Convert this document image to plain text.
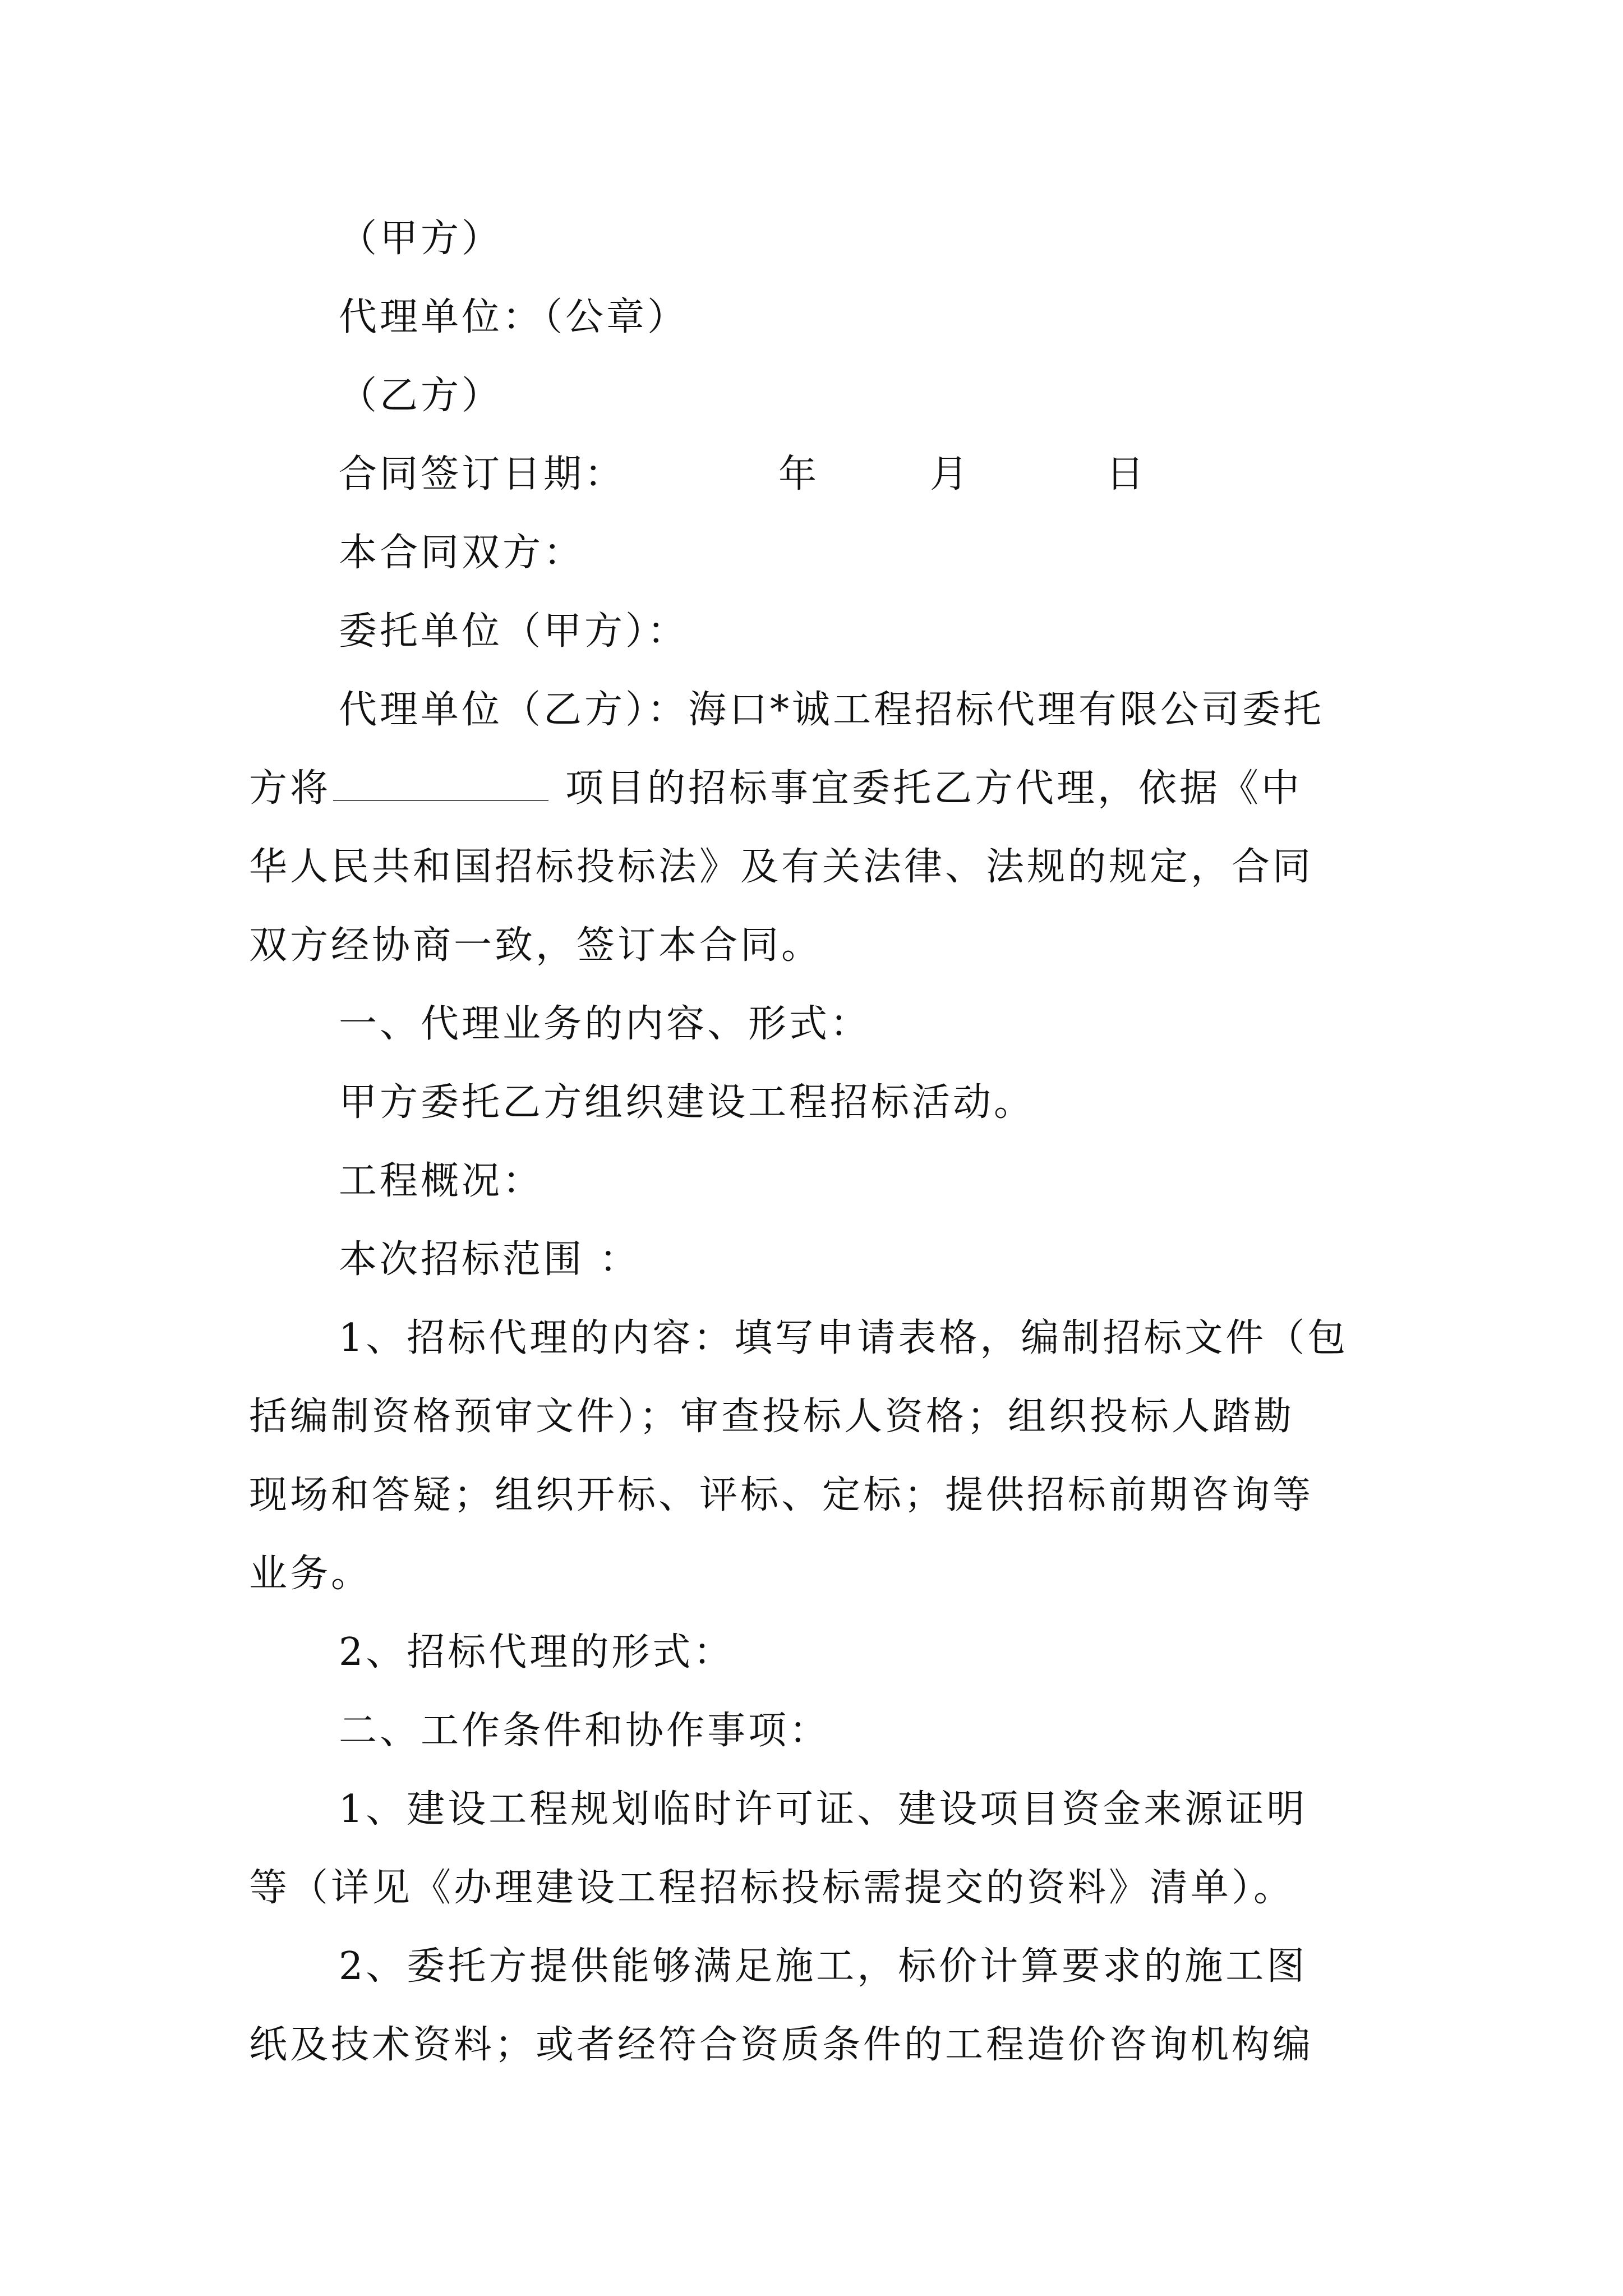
（甲方）
代理单位：（公章）
（乙方）

合同签订日期：

	年

	月

	日

本合同双方：
委托单位（甲方）：
代理单位（乙方）：海口*诚工程招标代理有限公司委托
方将	项目的招标事宜委托乙方代理，依据《中
华人民共和国招标投标法》及有关法律、法规的规定，合同
双方经协商一致，签订本合同。
一、代理业务的内容、形式：
甲方委托乙方组织建设工程招标活动。
工程概况：
本次招标范围 ：
1、招标代理的内容：填写申请表格，编制招标文件（包
括编制资格预审文件）；审查投标人资格；组织投标人踏勘
现场和答疑；组织开标、评标、定标；提供招标前期咨询等
业务。
2、招标代理的形式：
二、工作条件和协作事项：
1、建设工程规划临时许可证、建设项目资金来源证明
等（详见《办理建设工程招标投标需提交的资料》清单）。
2、委托方提供能够满足施工，标价计算要求的施工图
纸及技术资料；或者经符合资质条件的工程造价咨询机构编
